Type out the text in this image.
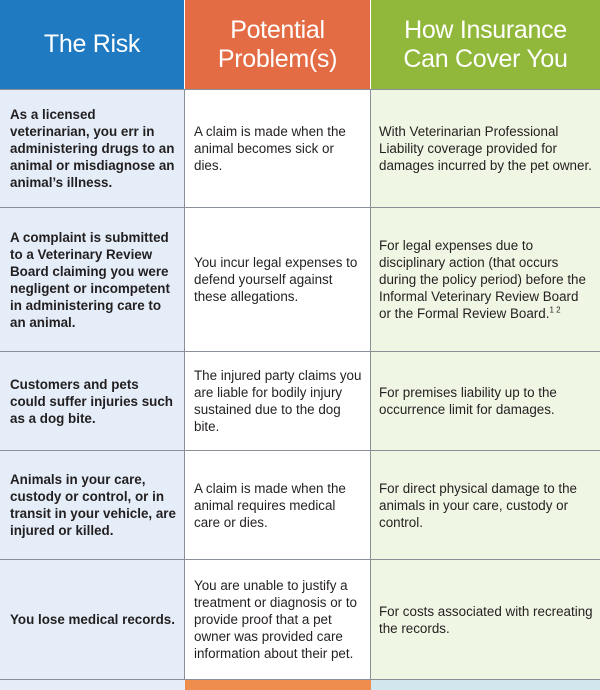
The Risk
Potential
Problem(s)
How Insurance
Can Cover You
As a licensed veterinarian, you err in administering drugs to an animal or misdiagnose an animal’s illness.
A claim is made when the animal becomes sick or dies.
With Veterinarian Professional Liability coverage provided for damages incurred by the pet owner.
A complaint is submitted to a Veterinary Review Board claiming you were negligent or incompetent in administering care to an animal.
You incur legal expenses to defend yourself against these allegations.
For legal expenses due to disciplinary action (that occurs during the policy period) before the Informal Veterinary Review Board or the Formal Review Board.$^{1 2}$
Customers and pets could suffer injuries such as a dog bite.
The injured party claims you are liable for bodily injury sustained due to the dog bite.
For premises liability up to the occurrence limit for damages.
Animals in your care, custody or control, or in transit in your vehicle, are injured or killed.
A claim is made when the animal requires medical care or dies.
For direct physical damage to the animals in your care, custody or control.
You lose medical records.
You are unable to justify a treatment or diagnosis or to provide proof that a pet owner was provided care information about their pet.
For costs associated with recreating the records.
